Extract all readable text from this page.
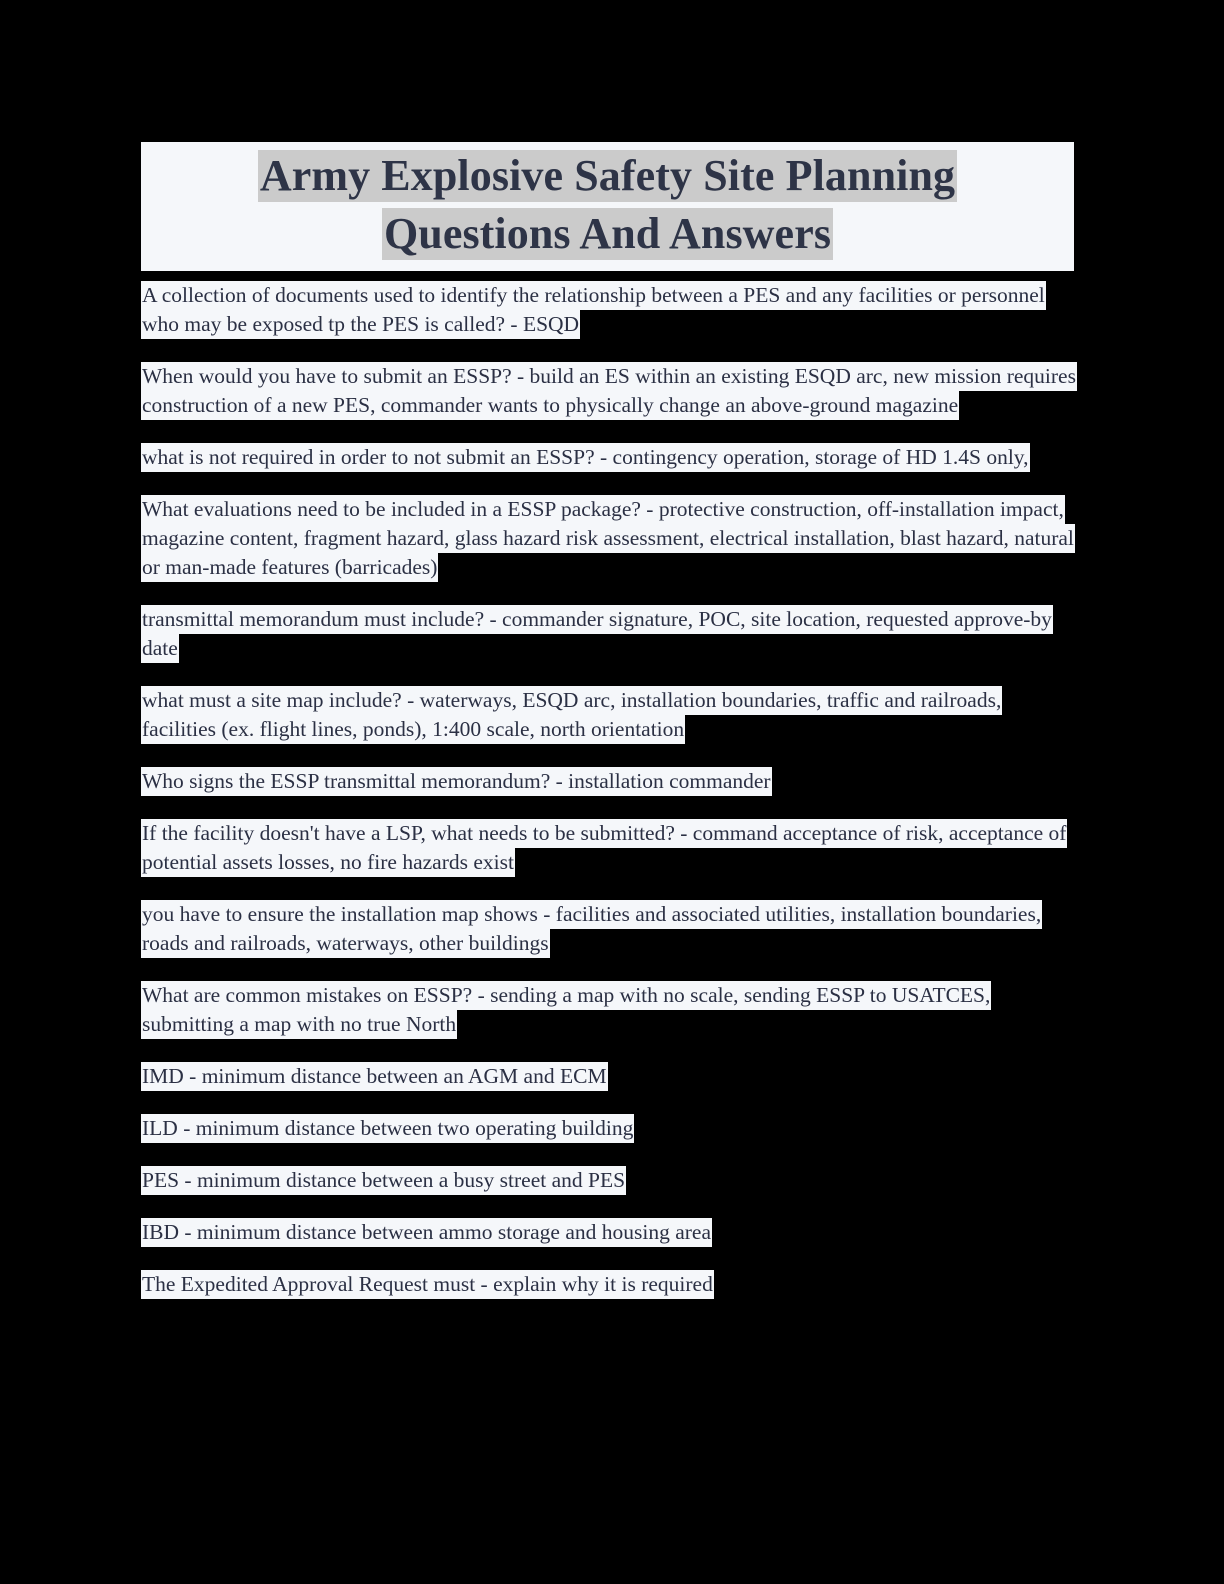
Army Explosive Safety Site Planning
Questions And Answers

A collection of documents used to identify the relationship between a PES and any facilities or personnel who may be exposed tp the PES is called? - ESQD

When would you have to submit an ESSP? - build an ES within an existing ESQD arc, new mission requires construction of a new PES, commander wants to physically change an above-ground magazine

what is not required in order to not submit an ESSP? - contingency operation, storage of HD 1.4S only,

What evaluations need to be included in a ESSP package? - protective construction, off-installation impact, magazine content, fragment hazard, glass hazard risk assessment, electrical installation, blast hazard, natural or man-made features (barricades)

transmittal memorandum must include? - commander signature, POC, site location, requested approve-by date

what must a site map include? - waterways, ESQD arc, installation boundaries, traffic and railroads, facilities (ex. flight lines, ponds), 1:400 scale, north orientation

Who signs the ESSP transmittal memorandum? - installation commander

If the facility doesn't have a LSP, what needs to be submitted? - command acceptance of risk, acceptance of potential assets losses, no fire hazards exist

you have to ensure the installation map shows - facilities and associated utilities, installation boundaries, roads and railroads, waterways, other buildings

What are common mistakes on ESSP? - sending a map with no scale, sending ESSP to USATCES, submitting a map with no true North

IMD - minimum distance between an AGM and ECM

ILD - minimum distance between two operating building

PES - minimum distance between a busy street and PES

IBD - minimum distance between ammo storage and housing area

The Expedited Approval Request must - explain why it is required
